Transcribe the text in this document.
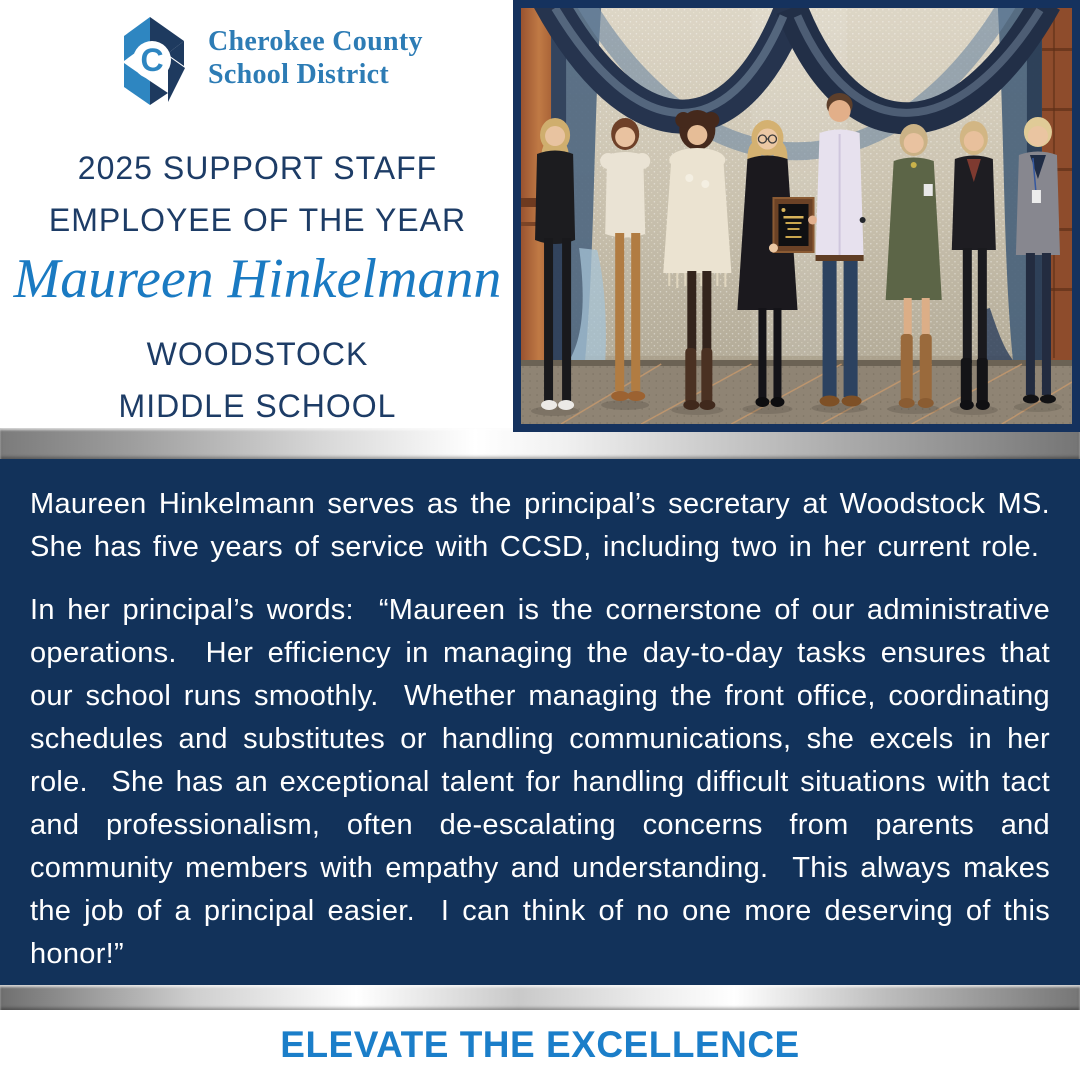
C
Cherokee County
School District
2025 SUPPORT STAFF
EMPLOYEE OF THE YEAR
Maureen Hinkelmann
WOODSTOCK
MIDDLE SCHOOL

Maureen Hinkelmann serves as the principal’s secretary at Woodstock MS.  She has five years of service with CCSD, including two in her current role.

In her principal’s words:  “Maureen is the cornerstone of our administrative operations.  Her efficiency in managing the day-to-day tasks ensures that our school runs smoothly.  Whether managing the front office, coordinating schedules and substitutes or handling communications, she excels in her role.  She has an exceptional talent for handling difficult situations with tact and professionalism, often de-escalating concerns from parents and community members with empathy and understanding.  This always makes the job of a principal easier.  I can think of no one more deserving of this honor!”

ELEVATE THE EXCELLENCE
